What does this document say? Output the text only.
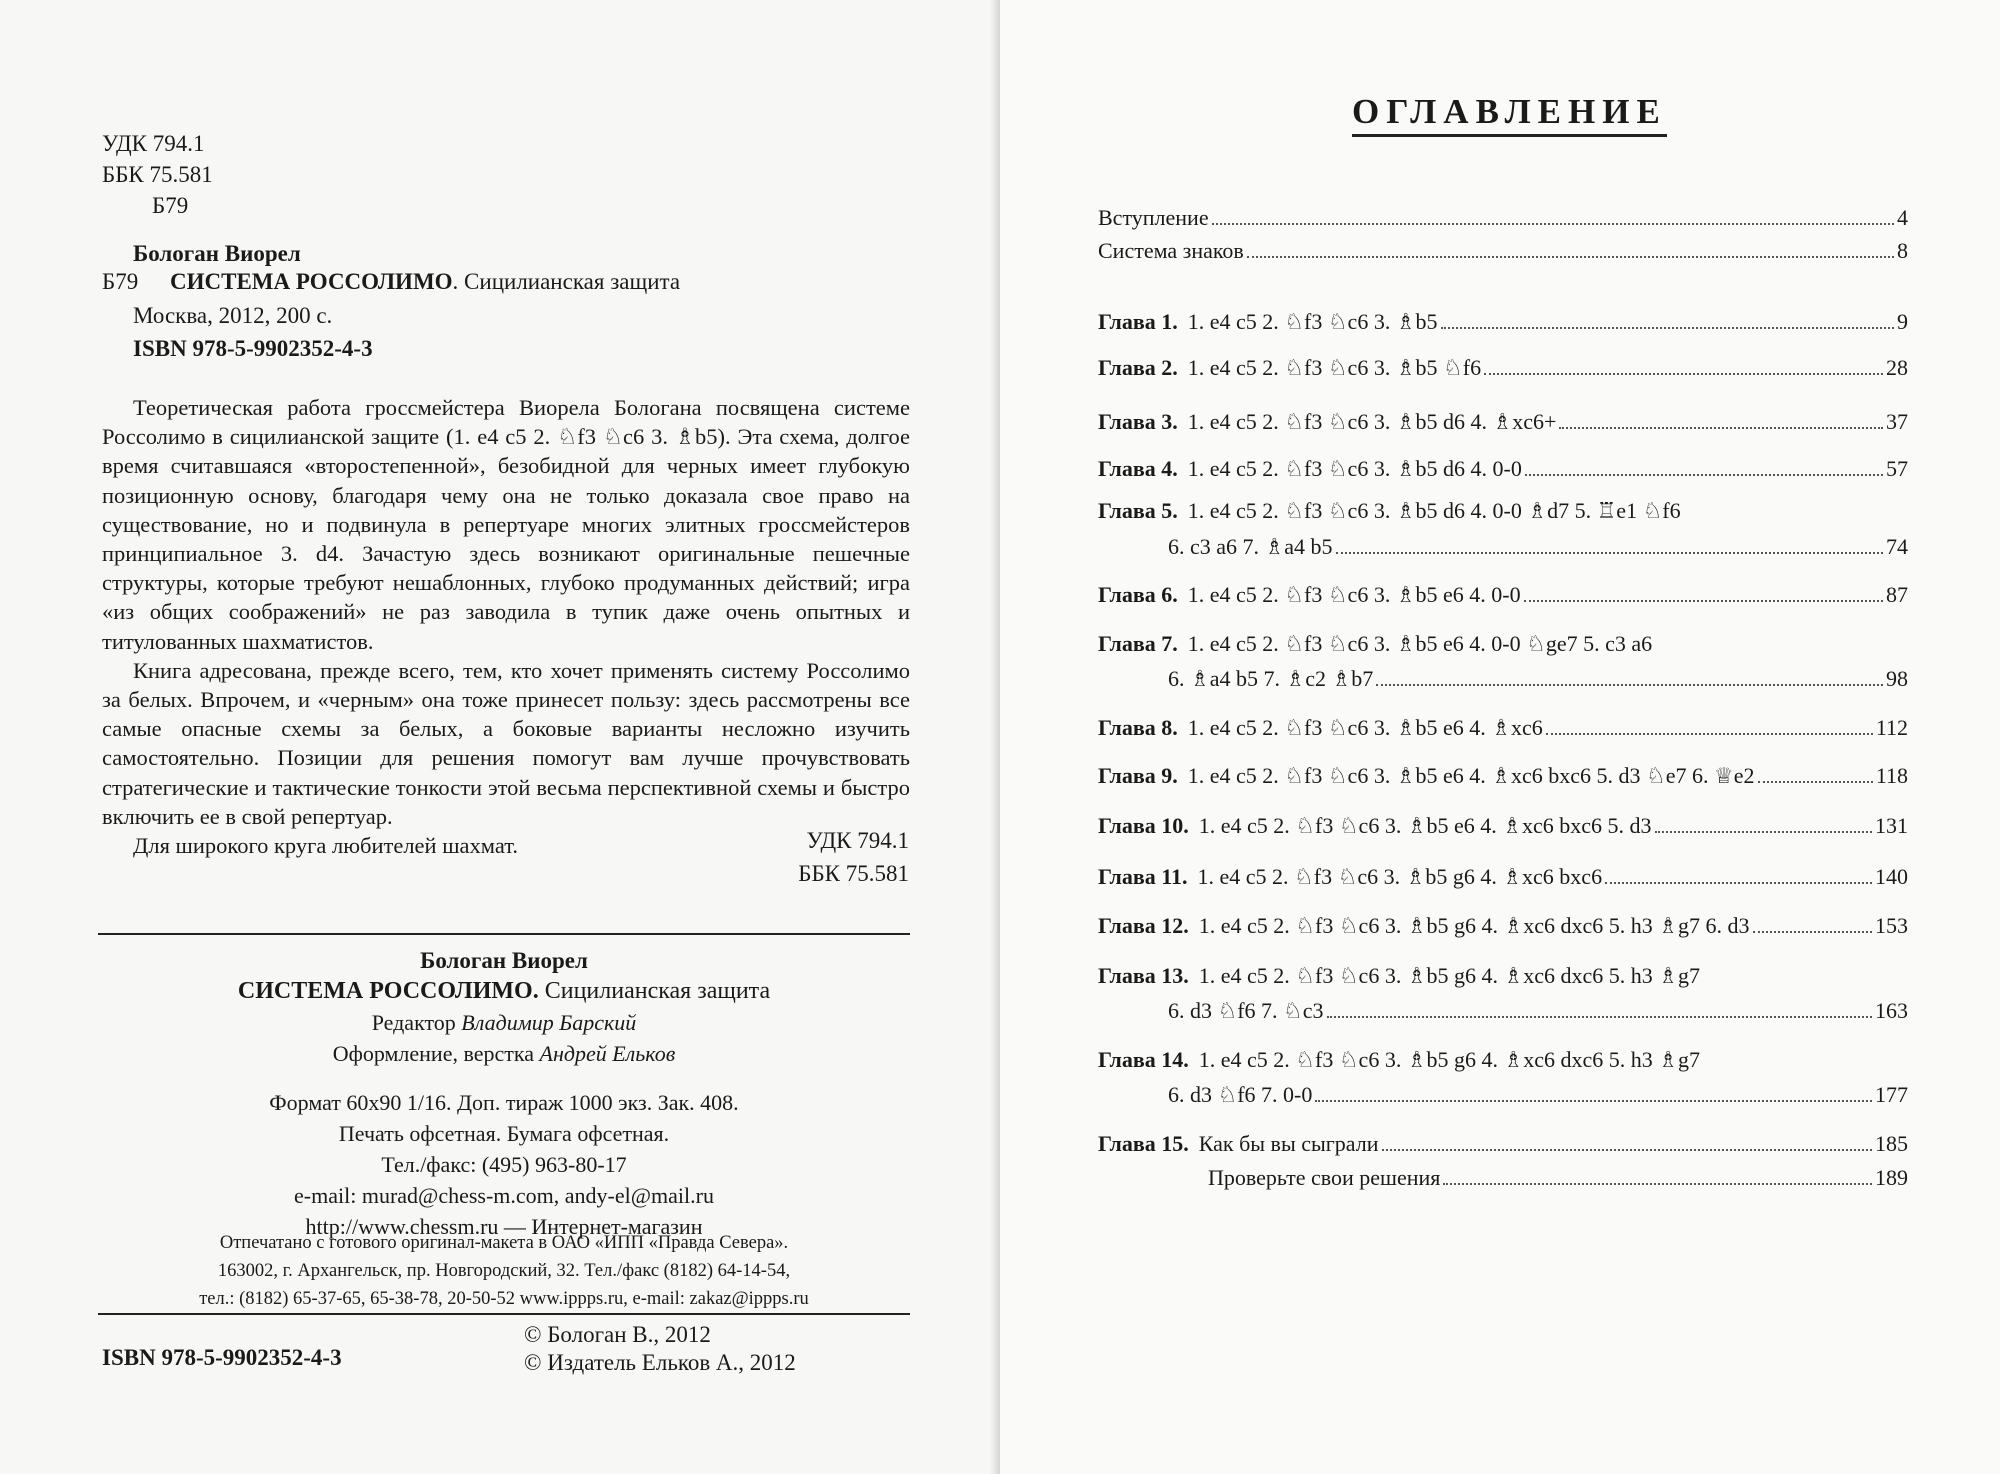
УДК 794.1
ББК 75.581
Б79
Бологан Виорел
Б79 СИСТЕМА РОССОЛИМО. Сицилианская защита
Москва, 2012, 200 с.
ISBN 978-5-9902352-4-3

Теоретическая работа гроссмейстера Виорела Бологана посвящена системе Россолимо в сицилианской защите (1. e4 c5 2. ♘f3 ♘c6 3. ♗b5). Эта схема, долгое время считавшаяся «второстепенной», безобидной для черных имеет глубокую позиционную основу, благодаря чему она не только доказала свое право на существование, но и подвинула в репертуаре многих элитных гроссмейстеров принципиальное 3. d4. Зачастую здесь возникают оригинальные пешечные структуры, которые требуют нешаблонных, глубоко продуманных действий; игра «из общих соображений» не раз заводила в тупик даже очень опытных и титулованных шахматистов.

Книга адресована, прежде всего, тем, кто хочет применять систему Россолимо за белых. Впрочем, и «черным» она тоже принесет пользу: здесь рассмотрены все самые опасные схемы за белых, а боковые варианты несложно изучить самостоятельно. Позиции для решения помогут вам лучше прочувствовать стратегические и тактические тонкости этой весьма перспективной схемы и быстро включить ее в свой репертуар.

Для широкого круга любителей шахмат.	УДК 794.1
ББК 75.581
Бологан Виорел
СИСТЕМА РОССОЛИМО. Сицилианская защита
Редактор Владимир Барский
Оформление, верстка Андрей Ельков
Формат 60x90 1/16. Доп. тираж 1000 экз. Зак. 408.
Печать офсетная. Бумага офсетная.
Тел./факс: (495) 963-80-17
e-mail: murad@chess-m.com, andy-el@mail.ru
http://www.chessm.ru — Интернет-магазин
Отпечатано с готового оригинал-макета в ОАО «ИПП «Правда Севера».
163002, г. Архангельск, пр. Новгородский, 32. Тел./факс (8182) 64-14-54,
тел.: (8182) 65-37-65, 65-38-78, 20-50-52 www.ippps.ru, e-mail: zakaz@ippps.ru
ISBN 978-5-9902352-4-3
© Бологан В., 2012
© Издатель Ельков А., 2012
ОГЛАВЛЕНИЕ
Вступление	4
Система знаков	8
Глава 1. 1. e4 c5 2. ♘f3 ♘c6 3. ♗b5	9
Глава 2. 1. e4 c5 2. ♘f3 ♘c6 3. ♗b5 ♘f6	28
Глава 3. 1. e4 c5 2. ♘f3 ♘c6 3. ♗b5 d6 4. ♗xc6+	37
Глава 4. 1. e4 c5 2. ♘f3 ♘c6 3. ♗b5 d6 4. 0-0	57
Глава 5. 1. e4 c5 2. ♘f3 ♘c6 3. ♗b5 d6 4. 0-0 ♗d7 5. ♖e1 ♘f6
6. c3 a6 7. ♗a4 b5	74
Глава 6. 1. e4 c5 2. ♘f3 ♘c6 3. ♗b5 e6 4. 0-0	87
Глава 7. 1. e4 c5 2. ♘f3 ♘c6 3. ♗b5 e6 4. 0-0 ♘ge7 5. c3 a6
6. ♗a4 b5 7. ♗c2 ♗b7	98
Глава 8. 1. e4 c5 2. ♘f3 ♘c6 3. ♗b5 e6 4. ♗xc6	112
Глава 9. 1. e4 c5 2. ♘f3 ♘c6 3. ♗b5 e6 4. ♗xc6 bxc6 5. d3 ♘e7 6. ♕e2	118
Глава 10. 1. e4 c5 2. ♘f3 ♘c6 3. ♗b5 e6 4. ♗xc6 bxc6 5. d3	131
Глава 11. 1. e4 c5 2. ♘f3 ♘c6 3. ♗b5 g6 4. ♗xc6 bxc6	140
Глава 12. 1. e4 c5 2. ♘f3 ♘c6 3. ♗b5 g6 4. ♗xc6 dxc6 5. h3 ♗g7 6. d3	153
Глава 13. 1. e4 c5 2. ♘f3 ♘c6 3. ♗b5 g6 4. ♗xc6 dxc6 5. h3 ♗g7
6. d3 ♘f6 7. ♘c3	163
Глава 14. 1. e4 c5 2. ♘f3 ♘c6 3. ♗b5 g6 4. ♗xc6 dxc6 5. h3 ♗g7
6. d3 ♘f6 7. 0-0	177
Глава 15. Как бы вы сыграли	185
Проверьте свои решения	189
